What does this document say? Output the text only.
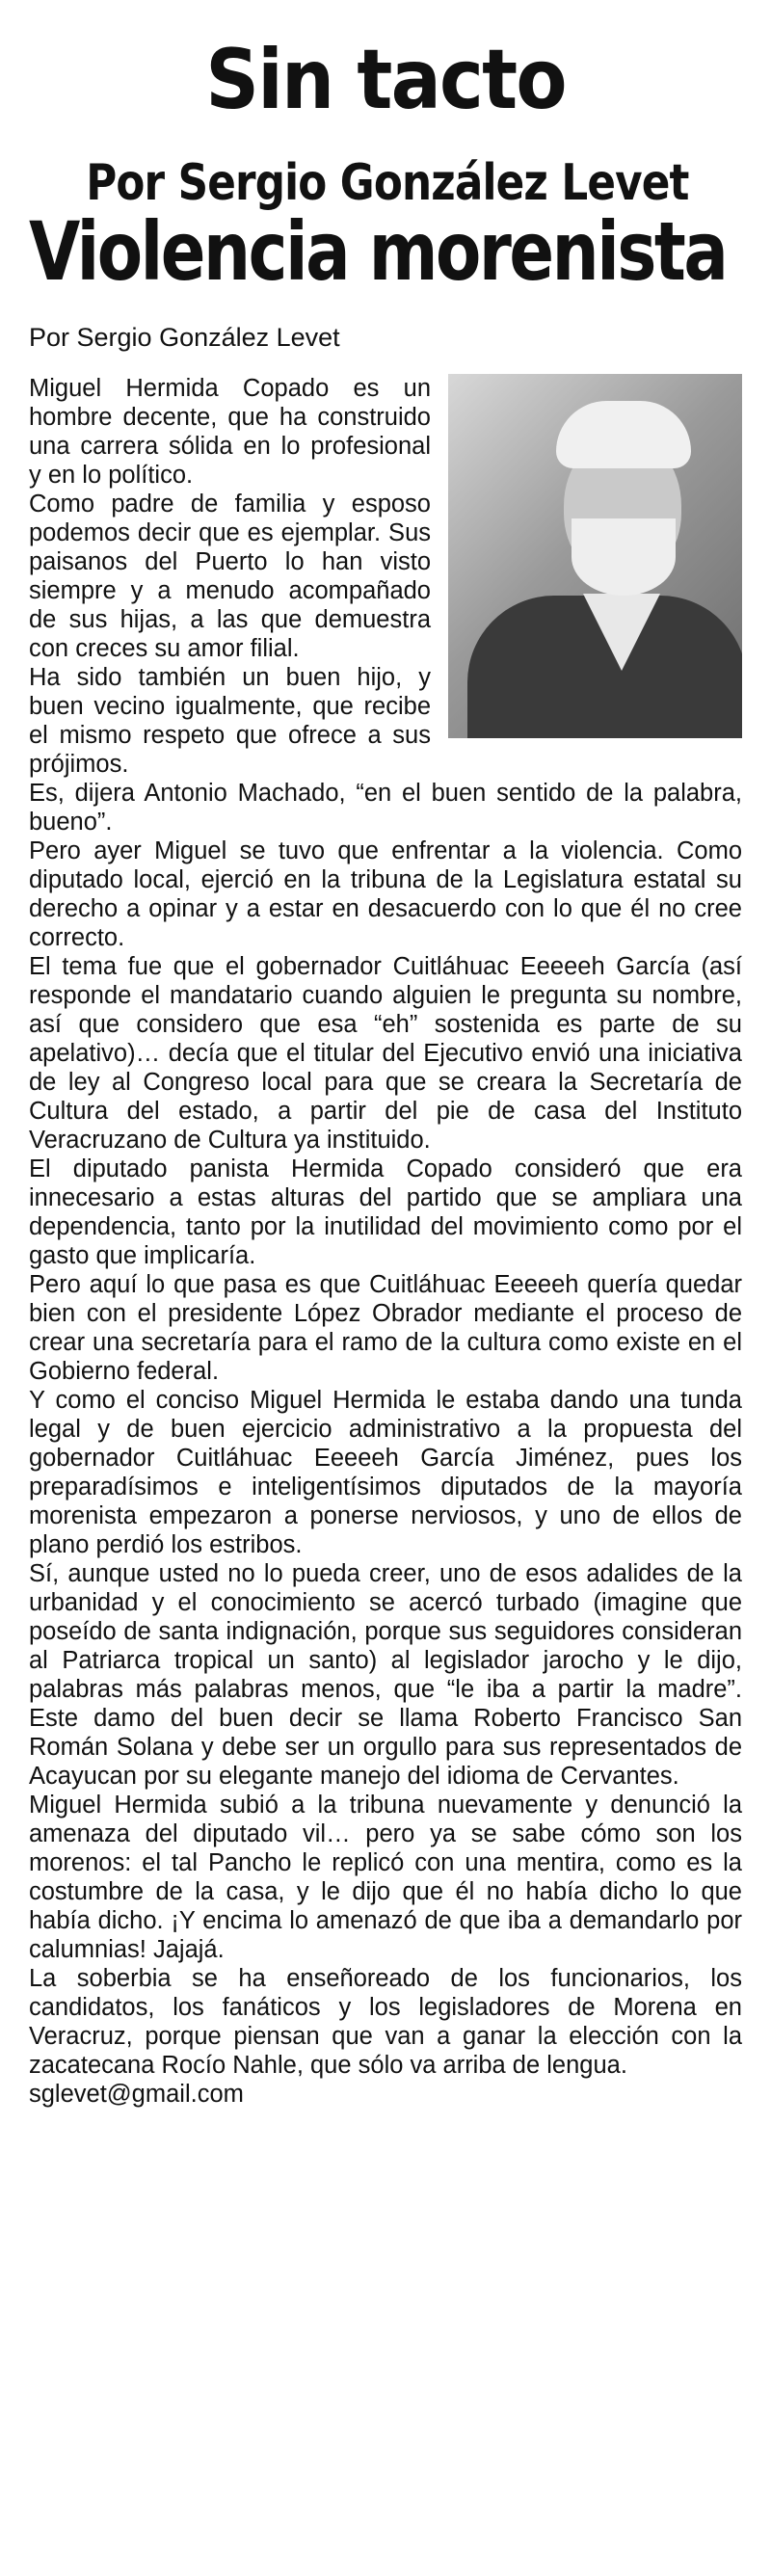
Sin tacto
Por Sergio González Levet
Violencia morenista
Por Sergio González Levet

Miguel Hermida Copado es un hombre decente, que ha construido una carrera sólida en lo profesional y en lo político.

Como padre de familia y esposo podemos decir que es ejemplar. Sus paisanos del Puerto lo han visto siempre y a menudo acompañado de sus hijas, a las que demuestra con creces su amor filial.

Ha sido también un buen hijo, y buen vecino igualmente, que recibe el mismo respeto que ofrece a sus prójimos.

Es, dijera Antonio Machado, “en el buen sentido de la palabra, bueno”.

Pero ayer Miguel se tuvo que enfrentar a la violencia. Como diputado local, ejerció en la tribuna de la Legislatura estatal su derecho a opinar y a estar en desacuerdo con lo que él no cree correcto.

El tema fue que el gobernador Cuitláhuac Eeeeeh García (así responde el mandatario cuando alguien le pregunta su nombre, así que considero que esa “eh” sostenida es parte de su apelativo)… decía que el titular del Ejecutivo envió una iniciativa de ley al Congreso local para que se creara la Secretaría de Cultura del estado, a partir del pie de casa del Instituto Veracruzano de Cultura ya instituido.

El diputado panista Hermida Copado consideró que era innecesario a estas alturas del partido que se ampliara una dependencia, tanto por la inutilidad del movimiento como por el gasto que implicaría.

Pero aquí lo que pasa es que Cuitláhuac Eeeeeh quería quedar bien con el presidente López Obrador mediante el proceso de crear una secretaría para el ramo de la cultura como existe en el Gobierno federal.

Y como el conciso Miguel Hermida le estaba dando una tunda legal y de buen ejercicio administrativo a la propuesta del gobernador Cuitláhuac Eeeeeh García Jiménez, pues los preparadísimos e inteligentísimos diputados de la mayoría morenista empezaron a ponerse nerviosos, y uno de ellos de plano perdió los estribos.

Sí, aunque usted no lo pueda creer, uno de esos adalides de la urbanidad y el conocimiento se acercó turbado (imagine que poseído de santa indignación, porque sus seguidores consideran al Patriarca tropical un santo) al legislador jarocho y le dijo, palabras más palabras menos, que “le iba a partir la madre”. Este damo del buen decir se llama Roberto Francisco San Román Solana y debe ser un orgullo para sus representados de Acayucan por su elegante manejo del idioma de Cervantes.

Miguel Hermida subió a la tribuna nuevamente y denunció la amenaza del diputado vil… pero ya se sabe cómo son los morenos: el tal Pancho le replicó con una mentira, como es la costumbre de la casa, y le dijo que él no había dicho lo que había dicho. ¡Y encima lo amenazó de que iba a demandarlo por calumnias! Jajajá.

La soberbia se ha enseñoreado de los funcionarios, los candidatos, los fanáticos y los legisladores de Morena en Veracruz, porque piensan que van a ganar la elección con la zacatecana Rocío Nahle, que sólo va arriba de lengua.

sglevet@gmail.com
